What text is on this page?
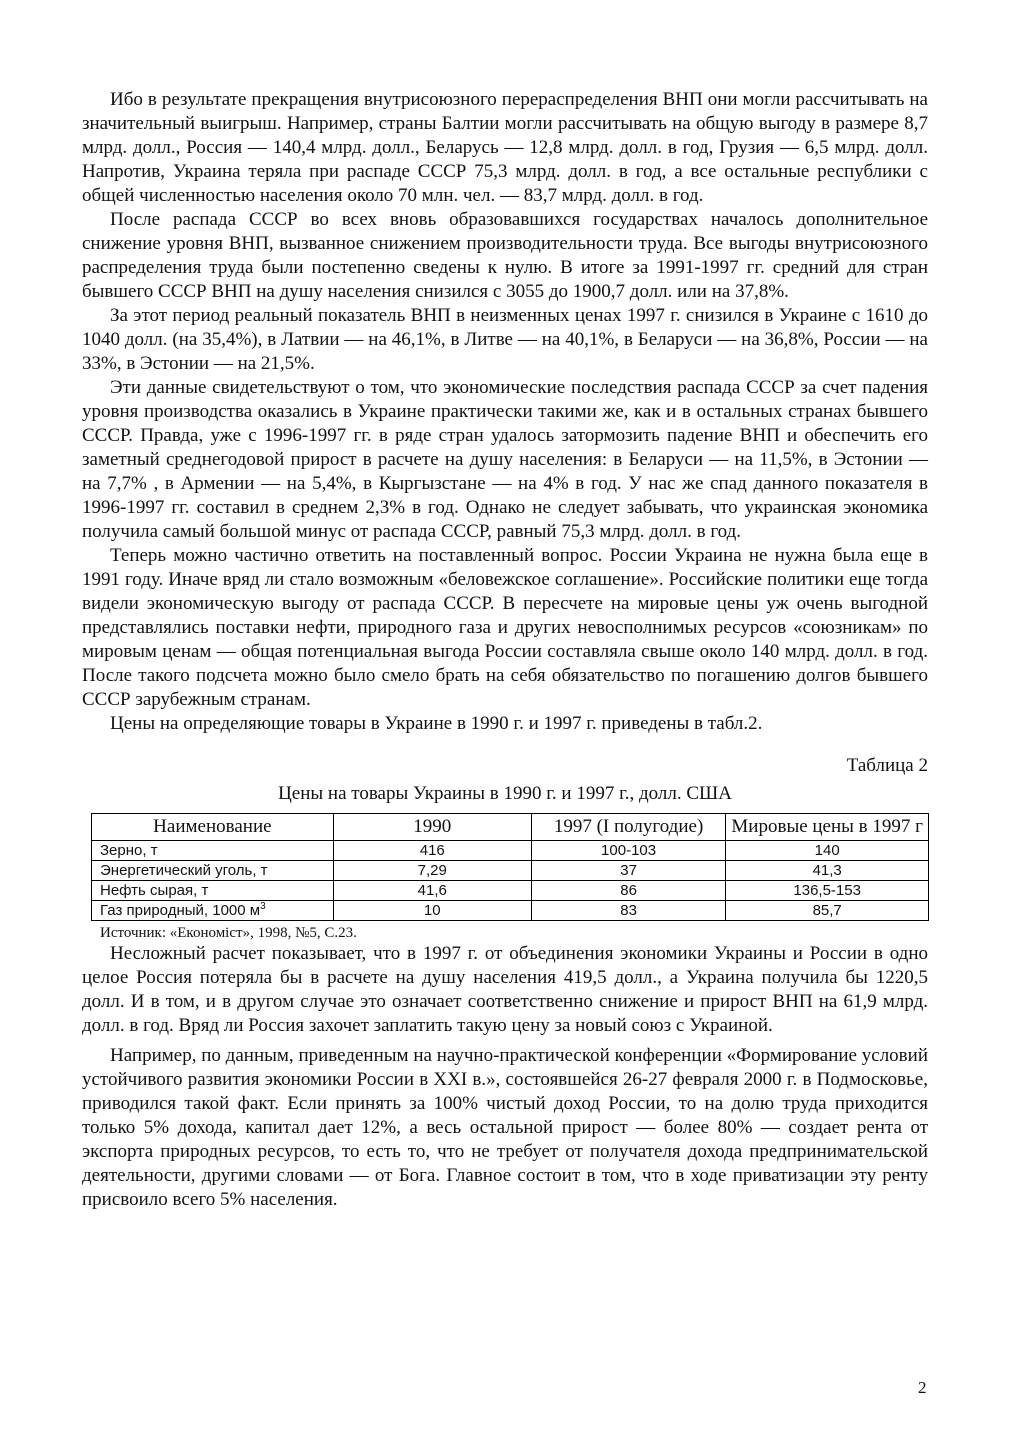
Ибо в результате прекращения внутрисоюзного перераспределения ВНП они могли рассчитывать на значительный выигрыш. Например, страны Балтии могли рассчитывать на общую выгоду в размере 8,7 млрд. долл., Россия — 140,4 млрд. долл., Беларусь — 12,8 млрд. долл. в год, Грузия — 6,5 млрд. долл. Напротив, Украина теряла при распаде СССР 75,3 млрд. долл. в год, а все остальные республики с общей численностью населения около 70 млн. чел. — 83,7 млрд. долл. в год.

После распада СССР во всех вновь образовавшихся государствах началось дополнительное снижение уровня ВНП, вызванное снижением производительности труда. Все выгоды внутрисоюзного распределения труда были постепенно сведены к нулю. В итоге за 1991-1997 гг. средний для стран бывшего СССР ВНП на душу населения снизился с 3055 до 1900,7 долл. или на 37,8%.

За этот период реальный показатель ВНП в неизменных ценах 1997 г. снизился в Украине с 1610 до 1040 долл. (на 35,4%), в Латвии — на 46,1%, в Литве — на 40,1%, в Беларуси — на 36,8%, России — на 33%, в Эстонии — на 21,5%.

Эти данные свидетельствуют о том, что экономические последствия распада СССР за счет падения уровня производства оказались в Украине практически такими же, как и в остальных странах бывшего СССР. Правда, уже с 1996-1997 гг. в ряде стран удалось затормозить падение ВНП и обеспечить его заметный среднегодовой прирост в расчете на душу населения: в Беларуси — на 11,5%, в Эстонии — на 7,7% , в Армении — на 5,4%, в Кыргызстане — на 4% в год. У нас же спад данного показателя в 1996-1997 гг. составил в среднем 2,3% в год. Однако не следует забывать, что украинская экономика получила самый большой минус от распада СССР, равный 75,3 млрд. долл. в год.

Теперь можно частично ответить на поставленный вопрос. России Украина не нужна была еще в 1991 году. Иначе вряд ли стало возможным «беловежское соглашение». Российские политики еще тогда видели экономическую выгоду от распада СССР. В пересчете на мировые цены уж очень выгодной представлялись поставки нефти, природного газа и других невосполнимых ресурсов «союзникам» по мировым ценам — общая потенциальная выгода России составляла свыше около 140 млрд. долл. в год. После такого подсчета можно было смело брать на себя обязательство по погашению долгов бывшего СССР зарубежным странам.

Цены на определяющие товары в Украине в 1990 г. и 1997 г. приведены в табл.2.

Таблица 2
Цены на товары Украины в 1990 г. и 1997 г., долл. США
Наименование	1990	1997 (I полугодие)	Мировые цены в 1997 г
Зерно, т	416	100-103	140
Энергетический уголь, т	7,29	37	41,3
Нефть сырая, т	41,6	86	136,5-153
Газ природный, 1000 $м^3$	10	83	85,7
Источник: «Економіст», 1998, №5, С.23.

Несложный расчет показывает, что в 1997 г. от объединения экономики Украины и России в одно целое Россия потеряла бы в расчете на душу населения 419,5 долл., а Украина получила бы 1220,5 долл. И в том, и в другом случае это означает соответственно снижение и прирост ВНП на 61,9 млрд. долл. в год. Вряд ли Россия захочет заплатить такую цену за новый союз с Украиной.

Например, по данным, приведенным на научно-практической конференции «Формирование условий устойчивого развития экономики России в XXI в.», состоявшейся 26-27 февраля 2000 г. в Подмосковье, приводился такой факт. Если принять за 100% чистый доход России, то на долю труда приходится только 5% дохода, капитал дает 12%, а весь остальной прирост — более 80% — создает рента от экспорта природных ресурсов, то есть то, что не требует от получателя дохода предпринимательской деятельности, другими словами — от Бога. Главное состоит в том, что в ходе приватизации эту ренту присвоило всего 5% населения.

2
